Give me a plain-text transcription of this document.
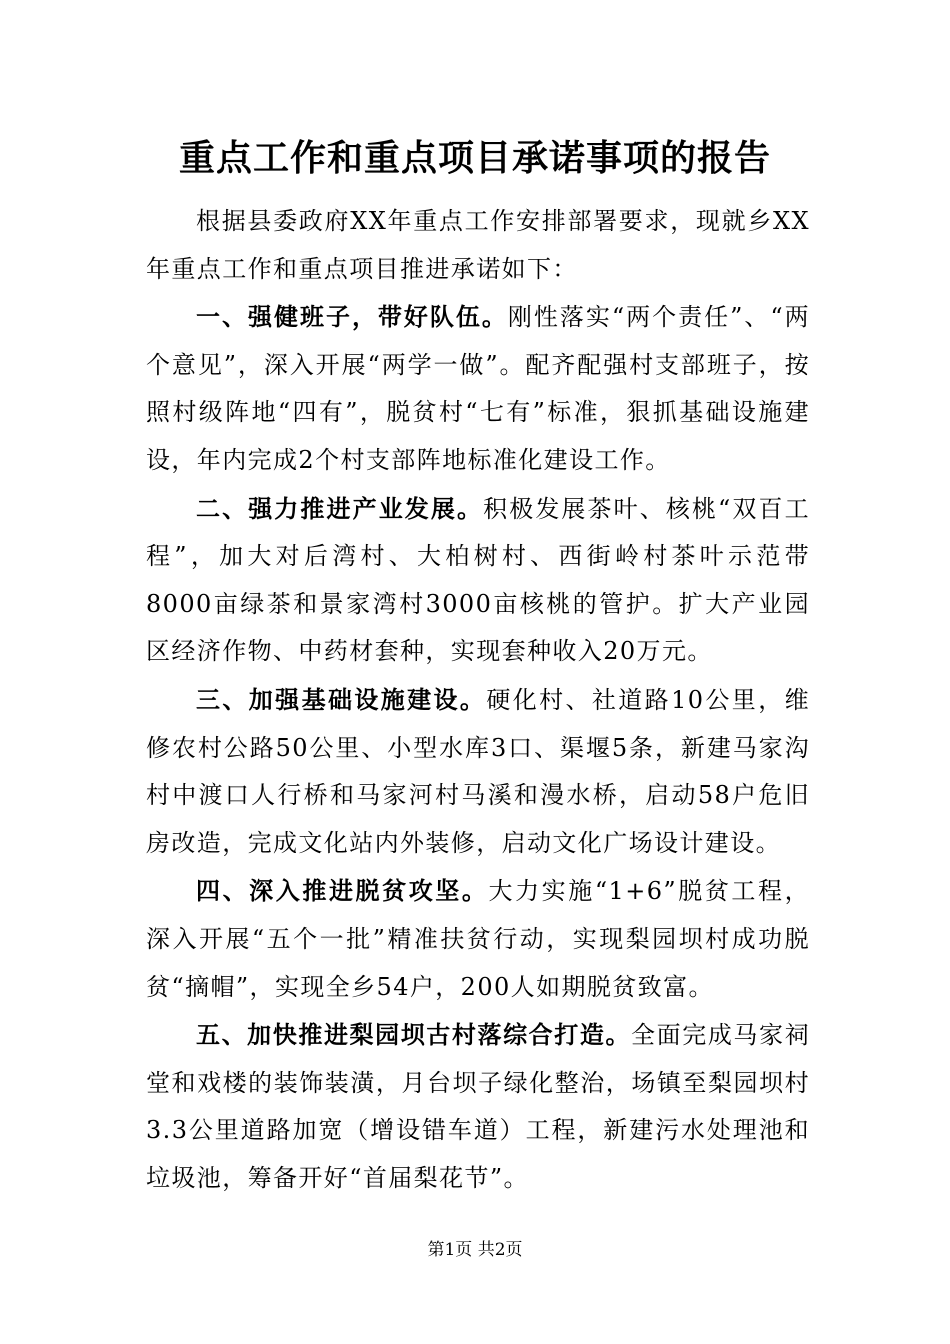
重点工作和重点项目承诺事项的报告

根据县委政府XX年重点工作安排部署要求，现就乡XX年重点工作和重点项目推进承诺如下：

一、强健班子，带好队伍。刚性落实“两个责任”、“两个意见”，深入开展“两学一做”。配齐配强村支部班子，按照村级阵地“四有”，脱贫村“七有”标准，狠抓基础设施建设，年内完成2个村支部阵地标准化建设工作。

二、强力推进产业发展。积极发展茶叶、核桃“双百工程”，加大对后湾村、大柏树村、西街岭村茶叶示范带8000亩绿茶和景家湾村3000亩核桃的管护。扩大产业园区经济作物、中药材套种，实现套种收入20万元。

三、加强基础设施建设。硬化村、社道路10公里，维修农村公路50公里、小型水库3口、渠堰5条，新建马家沟村中渡口人行桥和马家河村马溪和漫水桥，启动58户危旧房改造，完成文化站内外装修，启动文化广场设计建设。

四、深入推进脱贫攻坚。大力实施“1+6”脱贫工程，深入开展“五个一批”精准扶贫行动，实现梨园坝村成功脱贫“摘帽”，实现全乡54户，200人如期脱贫致富。

五、加快推进梨园坝古村落综合打造。全面完成马家祠堂和戏楼的装饰装潢，月台坝子绿化整治，场镇至梨园坝村3.3公里道路加宽（增设错车道）工程，新建污水处理池和垃圾池，筹备开好“首届梨花节”。

第1页 共2页
